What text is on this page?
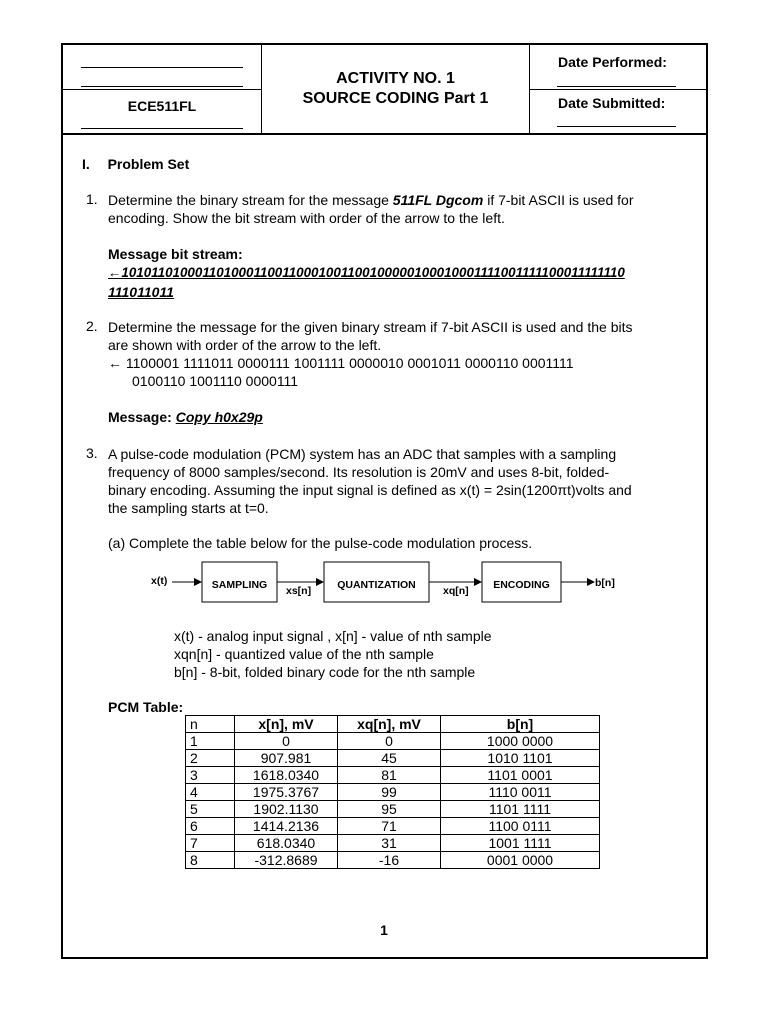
ECE511FL
ACTIVITY NO. 1
SOURCE CODING Part 1
Date Performed:
Date Submitted:
I. Problem Set
1. Determine the binary stream for the message 511FL Dgcom if 7-bit ASCII is used for
encoding. Show the bit stream with order of the arrow to the left.
Message bit stream:
←1010110100011010001100110001001100100000100010001111001111100011111110
111011011
2. Determine the message for the given binary stream if 7-bit ASCII is used and the bits
are shown with order of the arrow to the left.
← 1100001 1111011 0000111 1001111 0000010 0001011 0000110 0001111
0100110 1001110 0000111
Message: Copy h0x29p
3. A pulse-code modulation (PCM) system has an ADC that samples with a sampling
frequency of 8000 samples/second. Its resolution is 20mV and uses 8-bit, folded-
binary encoding. Assuming the input signal is defined as x(t) = 2sin(1200πt)volts and
the sampling starts at t=0.
(a) Complete the table below for the pulse-code modulation process.
x(t)	SAMPLING xs[n] QUANTIZATION	xq[n] ENCODING	b[n]
x(t) - analog input signal , x[n] - value of nth sample
xqn[n] - quantized value of the nth sample
b[n] - 8-bit, folded binary code for the nth sample
PCM Table:
n	x[n], mV	xq[n], mV	b[n]
1	0	0	1000 0000
2	907.981	45	1010 1101
3	1618.0340	81	1101 0001
4	1975.3767	99	1110 0011
5	1902.1130	95	1101 1111
6	1414.2136	71	1100 0111
7	618.0340	31	1001 1111
8	-312.8689	-16	0001 0000
1
